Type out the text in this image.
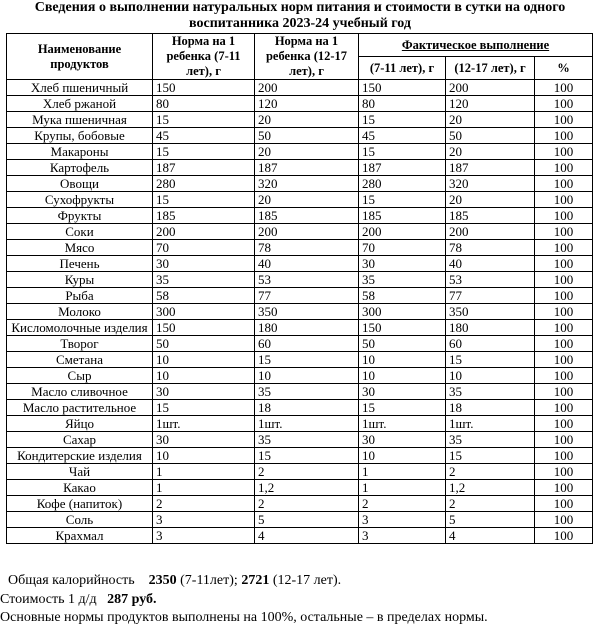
Сведения о выполнении натуральных норм питания и стоимости в сутки на одного
воспитанника 2023-24 учебный год
Наименование продуктов	Норма на 1 ребенка (7-11 лет), г	Норма на 1 ребенка (12-17 лет), г	Фактическое выполнение		
			(7-11 лет), г	(12-17 лет), г	%
Хлеб пшеничный	150	200	150	200	100
Хлеб ржаной	80	120	80	120	100
Мука пшеничная	15	20	15	20	100
Крупы, бобовые	45	50	45	50	100
Макароны	15	20	15	20	100
Картофель	187	187	187	187	100
Овощи	280	320	280	320	100
Сухофрукты	15	20	15	20	100
Фрукты	185	185	185	185	100
Соки	200	200	200	200	100
Мясо	70	78	70	78	100
Печень	30	40	30	40	100
Куры	35	53	35	53	100
Рыба	58	77	58	77	100
Молоко	300	350	300	350	100
Кисломолочные изделия	150	180	150	180	100
Творог	50	60	50	60	100
Сметана	10	15	10	15	100
Сыр	10	10	10	10	100
Масло сливочное	30	35	30	35	100
Масло растительное	15	18	15	18	100
Яйцо	1шт.	1шт.	1шт.	1шт.	100
Сахар	30	35	30	35	100
Кондитерские изделия	10	15	10	15	100
Чай	1	2	1	2	100
Какао	1	1,2	1	1,2	100
Кофе (напиток)	2	2	2	2	100
Соль	3	5	3	5	100
Крахмал	3	4	3	4	100
Общая калорийность 2350 (7-11лет); 2721 (12-17 лет).
Стоимость 1 д/д 287 руб.
Основные нормы продуктов выполнены на 100%, остальные – в пределах нормы.
